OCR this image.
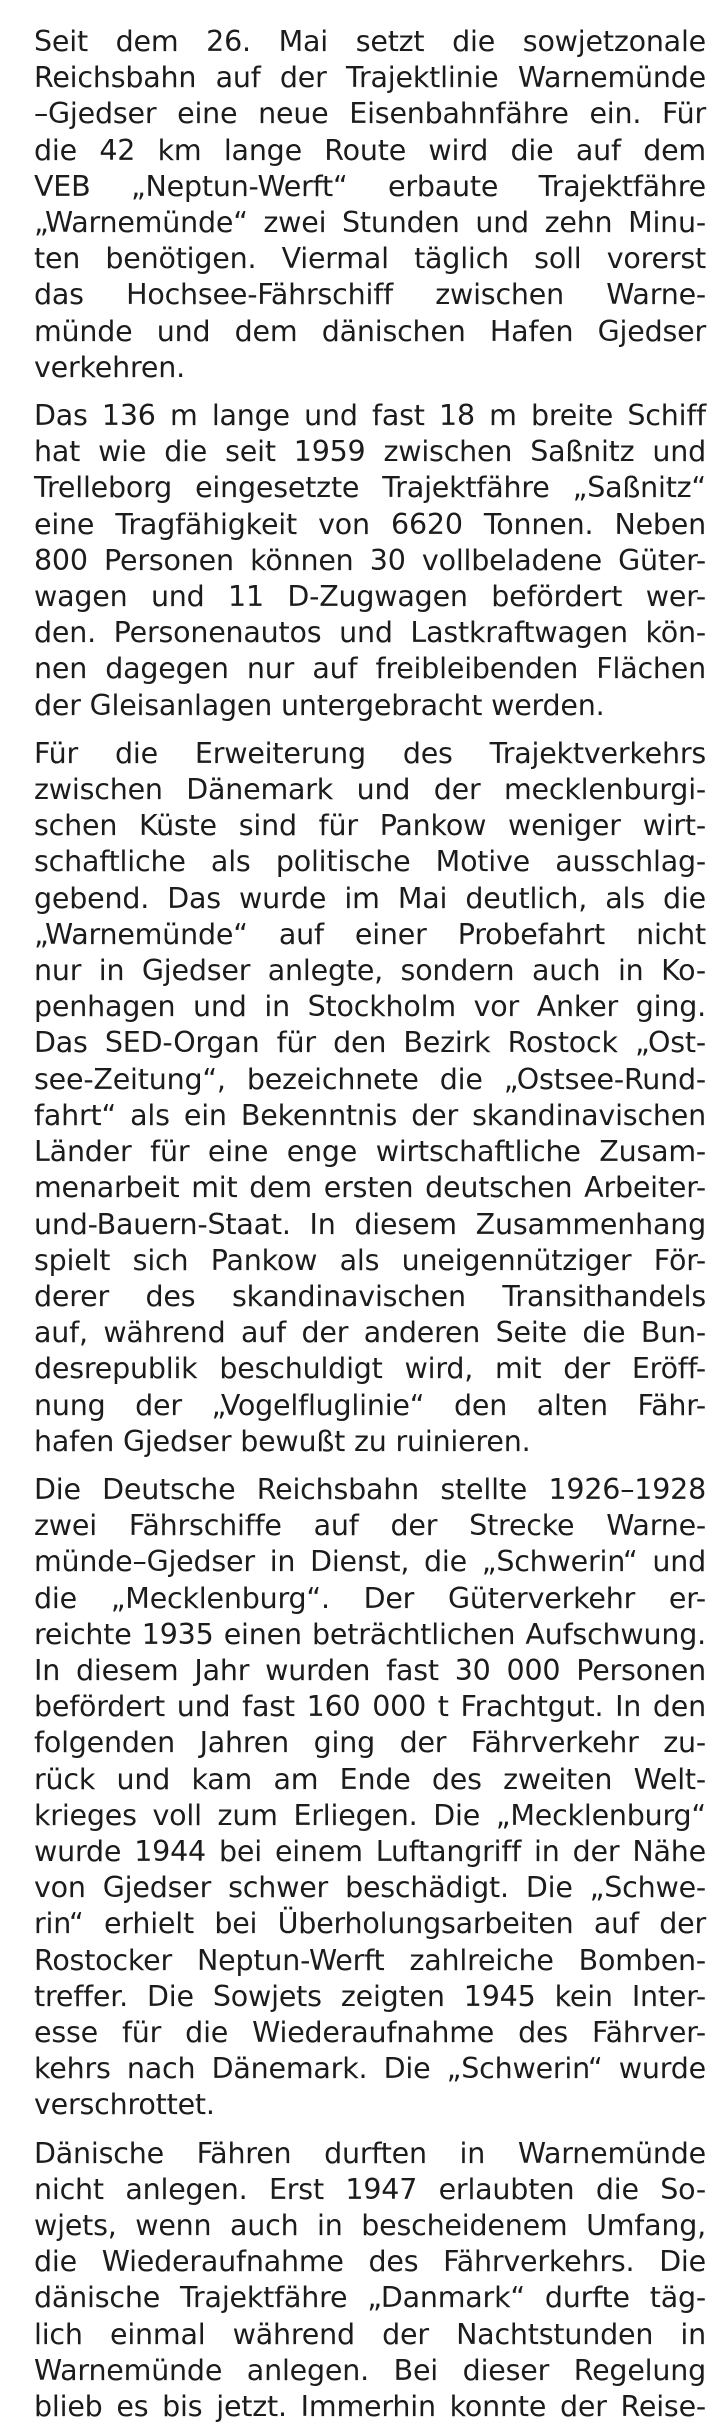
Seit dem 26. Mai setzt die sowjetzonale
Reichsbahn auf der Trajektlinie Warnemünde
–Gjedser eine neue Eisenbahnfähre ein. Für
die 42 km lange Route wird die auf dem
VEB „Neptun-Werft“ erbaute Trajektfähre
„Warnemünde“ zwei Stunden und zehn Minu-
ten benötigen. Viermal täglich soll vorerst
das Hochsee-Fährschiff zwischen Warne-
münde und dem dänischen Hafen Gjedser
verkehren.

Das 136 m lange und fast 18 m breite Schiff
hat wie die seit 1959 zwischen Saßnitz und
Trelleborg eingesetzte Trajektfähre „Saßnitz“
eine Tragfähigkeit von 6620 Tonnen. Neben
800 Personen können 30 vollbeladene Güter-
wagen und 11 D-Zugwagen befördert wer-
den. Personenautos und Lastkraftwagen kön-
nen dagegen nur auf freibleibenden Flächen
der Gleisanlagen untergebracht werden.

Für die Erweiterung des Trajektverkehrs
zwischen Dänemark und der mecklenburgi-
schen Küste sind für Pankow weniger wirt-
schaftliche als politische Motive ausschlag-
gebend. Das wurde im Mai deutlich, als die
„Warnemünde“ auf einer Probefahrt nicht
nur in Gjedser anlegte, sondern auch in Ko-
penhagen und in Stockholm vor Anker ging.
Das SED-Organ für den Bezirk Rostock „Ost-
see-Zeitung“, bezeichnete die „Ostsee-Rund-
fahrt“ als ein Bekenntnis der skandinavischen
Länder für eine enge wirtschaftliche Zusam-
menarbeit mit dem ersten deutschen Arbeiter-
und-Bauern-Staat. In diesem Zusammenhang
spielt sich Pankow als uneigennütziger För-
derer des skandinavischen Transithandels
auf, während auf der anderen Seite die Bun-
desrepublik beschuldigt wird, mit der Eröff-
nung der „Vogelfluglinie“ den alten Fähr-
hafen Gjedser bewußt zu ruinieren.

Die Deutsche Reichsbahn stellte 1926–1928
zwei Fährschiffe auf der Strecke Warne-
münde–Gjedser in Dienst, die „Schwerin“ und
die „Mecklenburg“. Der Güterverkehr er-
reichte 1935 einen beträchtlichen Aufschwung.
In diesem Jahr wurden fast 30 000 Personen
befördert und fast 160 000 t Frachtgut. In den
folgenden Jahren ging der Fährverkehr zu-
rück und kam am Ende des zweiten Welt-
krieges voll zum Erliegen. Die „Mecklenburg“
wurde 1944 bei einem Luftangriff in der Nähe
von Gjedser schwer beschädigt. Die „Schwe-
rin“ erhielt bei Überholungsarbeiten auf der
Rostocker Neptun-Werft zahlreiche Bomben-
treffer. Die Sowjets zeigten 1945 kein Inter-
esse für die Wiederaufnahme des Fährver-
kehrs nach Dänemark. Die „Schwerin“ wurde
verschrottet.

Dänische Fähren durften in Warnemünde
nicht anlegen. Erst 1947 erlaubten die So-
wjets, wenn auch in bescheidenem Umfang,
die Wiederaufnahme des Fährverkehrs. Die
dänische Trajektfähre „Danmark“ durfte täg-
lich einmal während der Nachtstunden in
Warnemünde anlegen. Bei dieser Regelung
blieb es bis jetzt. Immerhin konnte der Reise-
